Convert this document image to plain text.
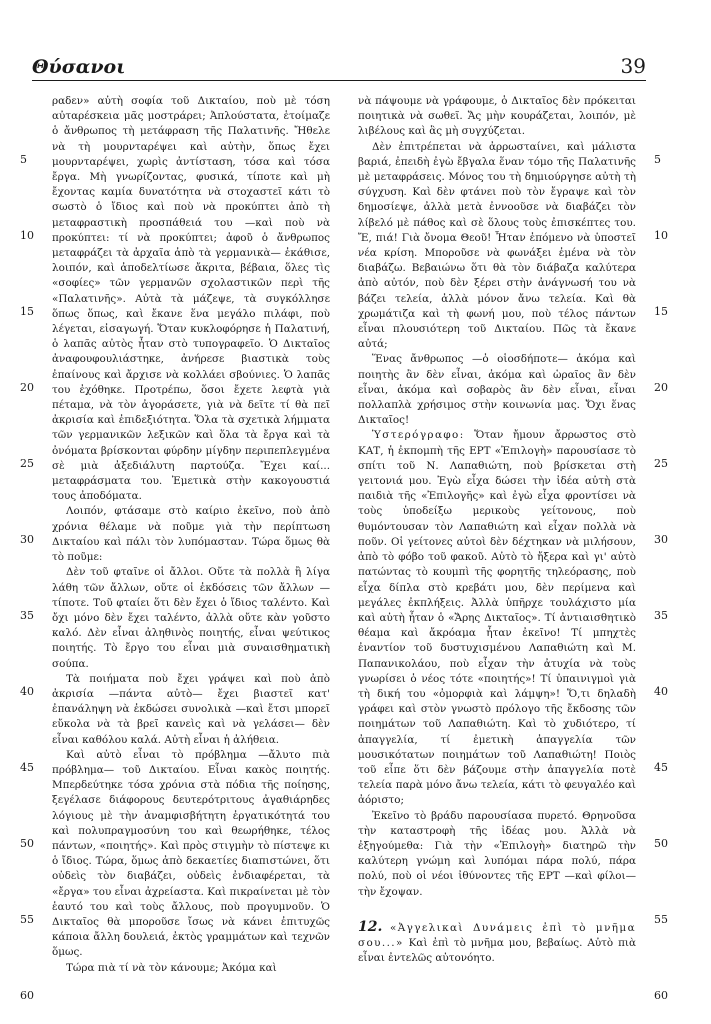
Θύσανοι	39
5
10
15
20
25
30
35
40
45
50
55
60
5
10
15
20
25
30
35
40
45
50
55
60

ραδεν» αὐτὴ σοφία τοῦ Δικταίου, ποὺ μὲ τόση αὐταρέσκεια μᾶς μοστράρει; Ἀπλούστατα, ἑτοίμαζε ὁ ἄνθρωπος τὴ μετάφραση τῆς Παλατινῆς. Ἤθελε νὰ τὴ μουρνταρέψει καὶ αὐτὴν, ὅπως ἔχει μουρνταρέψει, χωρὶς ἀντίσταση, τόσα καὶ τόσα ἔργα. Μὴ γνωρίζοντας, φυσικά, τίποτε καὶ μὴ ἔχοντας καμία δυνατότητα νὰ στοχαστεῖ κάτι τὸ σωστὸ ὁ ἴδιος καὶ ποὺ νὰ προκύπτει ἀπὸ τὴ μεταφραστικὴ προσπάθειά του —καὶ ποὺ νὰ προκύπτει: τί νὰ προκύπτει; ἀφοῦ ὁ ἄνθρωπος μεταφράζει τὰ ἀρχαῖα ἀπὸ τὰ γερμανικὰ— ἐκάθισε, λοιπόν, καὶ ἀποδελτίωσε ἄκριτα, βέβαια, ὅλες τὶς «σοφίες» τῶν γερμανῶν σχολαστικῶν περὶ τῆς «Παλατινῆς». Αὐτὰ τὰ μάζεψε, τὰ συγκόλλησε ὅπως ὅπως, καὶ ἔκανε ἕνα μεγάλο πιλάφι, ποὺ λέγεται, εἰσαγωγή. Ὅταν κυκλοφόρησε ἡ Παλατινή, ὁ λαπᾶς αὐτὸς ἦταν στὸ τυπογραφεῖο. Ὁ Δικταῖος ἀναφουφουλιάστηκε, ἀνήρεσε βιαστικὰ τοὺς ἐπαίνους καὶ ἄρχισε νὰ κολλάει σβούνιες. Ὁ λαπᾶς του ἐχόθηκε. Προτρέπω, ὅσοι ἔχετε λεφτὰ γιὰ πέταμα, νὰ τὸν ἀγοράσετε, γιὰ νὰ δεῖτε τί θὰ πεῖ ἀκρισία καὶ ἐπιδεξιότητα. Ὅλα τὰ σχετικὰ λήμματα τῶν γερμανικῶν λεξικῶν καὶ ὅλα τὰ ἔργα καὶ τὰ ὀνόματα βρίσκονται φύρδην μίγδην περιπεπλεγμένα σὲ μιὰ ἀξεδιάλυτη παρτούζα. Ἔχει καί... μεταφράσματα του. Ἐμετικὰ στὴν κακογουστιά τους ἀποδόματα.

Λοιπόν, φτάσαμε στὸ καίριο ἐκεῖνο, ποὺ ἀπὸ χρόνια θέλαμε νὰ ποῦμε γιὰ τὴν περίπτωση Δικταίου καὶ πάλι τὸν λυπόμασταν. Τώρα ὅμως θὰ τὸ ποῦμε:

Δὲν τοῦ φταῖνε οἱ ἄλλοι. Οὔτε τὰ πολλὰ ἢ λίγα λάθη τῶν ἄλλων, οὔτε οἱ ἐκδόσεις τῶν ἄλλων — τίποτε. Τοῦ φταίει ὅτι δὲν ἔχει ὁ ἴδιος ταλέντο. Καὶ ὄχι μόνο δὲν ἔχει ταλέντο, ἀλλὰ οὔτε κὰν γοῦστο καλό. Δὲν εἶναι ἀληθινὸς ποιητής, εἶναι ψεύτικος ποιητής. Τὸ ἔργο του εἶναι μιὰ συναισθηματικὴ σούπα.

Τὰ ποιήματα ποὺ ἔχει γράψει καὶ ποὺ ἀπὸ ἀκρισία —πάντα αὐτὸ— ἔχει βιαστεῖ κατ' ἐπανάληψη νὰ ἐκδώσει συνολικὰ —καὶ ἔτσι μπορεῖ εὔκολα νὰ τὰ βρεῖ κανεὶς καὶ νὰ γελάσει— δὲν εἶναι καθόλου καλά. Αὐτὴ εἶναι ἡ ἀλήθεια.

Καὶ αὐτὸ εἶναι τὸ πρόβλημα —ἄλυτο πιὰ πρόβλημα— τοῦ Δικταίου. Εἶναι κακὸς ποιητής. Μπερδεύτηκε τόσα χρόνια στὰ πόδια τῆς ποίησης, ξεγέλασε διάφορους δευτερότριτους ἀγαθιάρηδες λόγιους μὲ τὴν ἀναμφισβήτητη ἐργατικότητά του καὶ πολυπραγμοσύνη του καὶ θεωρήθηκε, τέλος πάντων, «ποιητής». Καὶ πρὸς στιγμὴν τὸ πίστεψε κι ὁ ἴδιος. Τώρα, ὅμως ἀπὸ δεκαετίες διαπιστώνει, ὅτι οὐδεὶς τὸν διαβάζει, οὐδεὶς ἐνδιαφέρεται, τὰ «ἔργα» του εἶναι ἀχρείαστα. Καὶ πικραίνεται μὲ τὸν ἑαυτό του καὶ τοὺς ἄλλους, ποὺ προγυμνοῦν. Ὁ Δικταῖος θὰ μποροῦσε ἴσως νὰ κάνει ἐπιτυχῶς κάποια ἄλλη δουλειά, ἐκτὸς γραμμάτων καὶ τεχνῶν ὅμως.

Τώρα πιὰ τί νὰ τὸν κάνουμε; Ἀκόμα καὶ

νὰ πάψουμε νὰ γράφουμε, ὁ Δικταῖος δὲν πρόκειται ποιητικὰ νὰ σωθεῖ. Ἄς μὴν κουράζεται, λοιπόν, μὲ λιβέλους καὶ ἂς μὴ συγχύζεται.

Δὲν ἐπιτρέπεται νὰ ἀρρωσταίνει, καὶ μάλιστα βαριά, ἐπειδὴ ἐγὼ ἔβγαλα ἕναν τόμο τῆς Παλατινῆς μὲ μεταφράσεις. Μόνος του τὴ δημιούργησε αὐτὴ τὴ σύγχυση. Καὶ δὲν φτάνει ποὺ τὸν ἔγραψε καὶ τὸν δημοσίεψε, ἀλλὰ μετὰ ἐννοοῦσε νὰ διαβάζει τὸν λίβελό μὲ πάθος καὶ σὲ ὅλους τοὺς ἐπισκέπτες του. Ἔ, πιά! Γιὰ ὄνομα Θεοῦ! Ἦταν ἐπόμενο νὰ ὑποστεῖ νέα κρίση. Μποροῦσε νὰ φωνάξει ἐμένα νὰ τὸν διαβάζω. Βεβαιώνω ὅτι θὰ τὸν διάβαζα καλύτερα ἀπὸ αὐτόν, ποὺ δὲν ξέρει στὴν ἀνάγνωσή του νὰ βάζει τελεία, ἀλλὰ μόνον ἄνω τελεία. Καὶ θὰ χρωμάτιζα καὶ τὴ φωνή μου, ποὺ τέλος πάντων εἶναι πλουσιότερη τοῦ Δικταίου. Πῶς τὰ ἔκανε αὐτά;

Ἕνας ἄνθρωπος —ὁ οἱοσδήποτε— ἀκόμα καὶ ποιητὴς ἂν δὲν εἶναι, ἀκόμα καὶ ὡραῖος ἂν δὲν εἶναι, ἀκόμα καὶ σοβαρὸς ἂν δὲν εἶναι, εἶναι πολλαπλὰ χρήσιμος στὴν κοινωνία μας. Ὄχι ἕνας Δικταῖος!

Ὑστερόγραφο: Ὅταν ἤμουν ἄρρωστος στὸ ΚΑΤ, ἡ ἐκπομπὴ τῆς ΕΡΤ «Ἐπιλογὴ» παρουσίασε τὸ σπίτι τοῦ Ν. Λαπαθιώτη, ποὺ βρίσκεται στὴ γειτονιά μου. Ἐγὼ εἶχα δώσει τὴν ἰδέα αὐτὴ στὰ παιδιὰ τῆς «Ἐπιλογῆς» καὶ ἐγὼ εἶχα φροντίσει νὰ τοὺς ὑποδείξω μερικοὺς γείτονους, ποὺ θυμόντουσαν τὸν Λαπαθιώτη καὶ εἶχαν πολλὰ νὰ ποῦν. Οἱ γείτονες αὐτοὶ δὲν δέχτηκαν νὰ μιλήσουν, ἀπὸ τὸ φόβο τοῦ φακοῦ. Αὐτὸ τὸ ἤξερα καὶ γι' αὐτὸ πατώντας τὸ κουμπὶ τῆς φορητῆς τηλεόρασης, ποὺ εἶχα δίπλα στὸ κρεβάτι μου, δὲν περίμενα καὶ μεγάλες ἐκπλήξεις. Ἀλλὰ ὑπῆρχε τουλάχιστο μία καὶ αὐτὴ ἦταν ὁ «Ἄρης Δικταῖος». Τί ἀντιαισθητικὸ θέαμα καὶ ἄκρόαμα ἦταν ἐκεῖνο! Τί μπηχτὲς ἐναντίον τοῦ δυστυχισμένου Λαπαθιώτη καὶ Μ. Παπανικολάου, ποὺ εἶχαν τὴν ἀτυχία νὰ τοὺς γνωρίσει ὁ νέος τότε «ποιητής»! Τί ὑπαινιγμοὶ γιὰ τὴ δική του «ὀμορφιὰ καὶ λάμψη»! Ὅ,τι δηλαδὴ γράφει καὶ στὸν γνωστὸ πρόλογο τῆς ἔκδοσης τῶν ποιημάτων τοῦ Λαπαθιώτη. Καὶ τὸ χυδιότερο, τί ἀπαγγελία, τί ἐμετικὴ ἀπαγγελία τῶν μουσικότατων ποιημάτων τοῦ Λαπαθιώτη! Ποιὸς τοῦ εἶπε ὅτι δὲν βάζουμε στὴν ἀπαγγελία ποτὲ τελεία παρὰ μόνο ἄνω τελεία, κάτι τὸ φευγαλέο καὶ ἀόριστο;

Ἐκεῖνο τὸ βράδυ παρουσίασα πυρετό. Θρηνοῦσα τὴν καταστροφὴ τῆς ἰδέας μου. Ἀλλὰ νὰ ἐξηγούμεθα: Γιὰ τὴν «Ἐπιλογὴ» διατηρῶ τὴν καλύτερη γνώμη καὶ λυπόμαι πάρα πολύ, πάρα πολύ, ποὺ οἱ νέοι ἰθύνοντες τῆς ΕΡΤ —καὶ φίλοι— τὴν ἔχοψαν.

12. «Ἀγγελικαὶ Δυνάμεις ἐπὶ τὸ μνῆμα σου...» Καὶ ἐπὶ τὸ μνῆμα μου, βεβαίως. Αὐτὸ πιὰ εἶναι ἐντελῶς αὐτονόητο.
